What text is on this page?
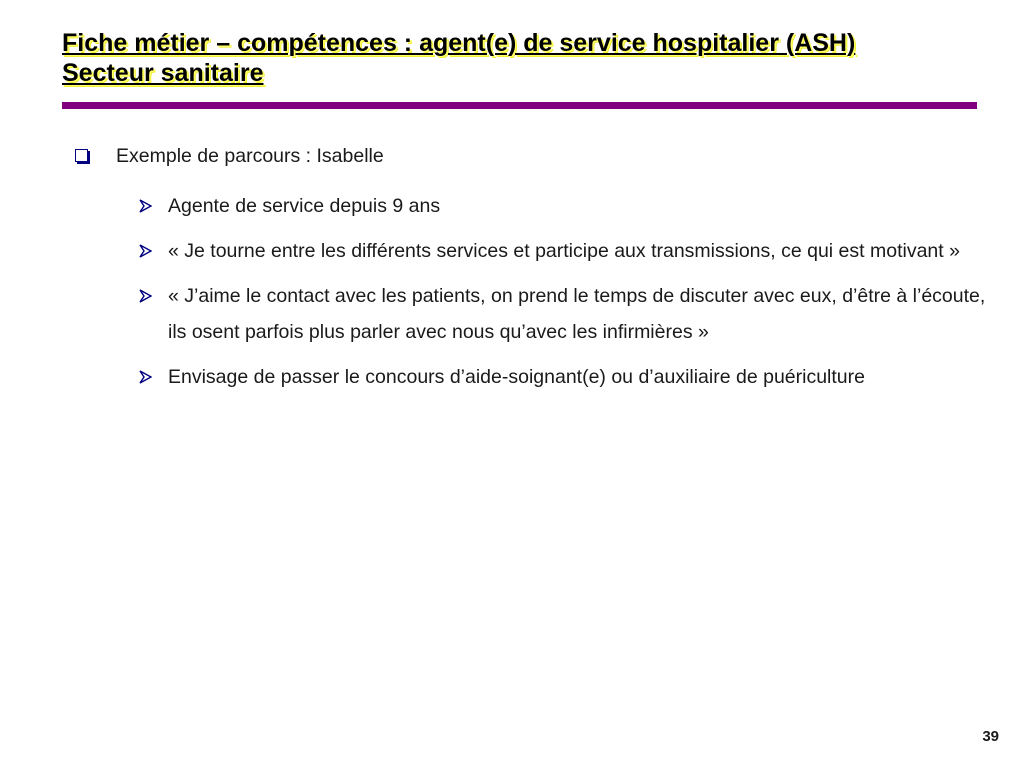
Fiche métier – compétences : agent(e) de service hospitalier (ASH)
Secteur sanitaire
Exemple de parcours : Isabelle
Agente de service depuis 9 ans
« Je tourne entre les différents services et participe aux transmissions, ce qui est motivant »
« J’aime le contact avec les patients, on prend le temps de discuter avec eux, d’être à l’écoute, ils osent parfois plus parler avec nous qu’avec les infirmières »
Envisage de passer le concours d’aide-soignant(e) ou d’auxiliaire de puériculture
39
